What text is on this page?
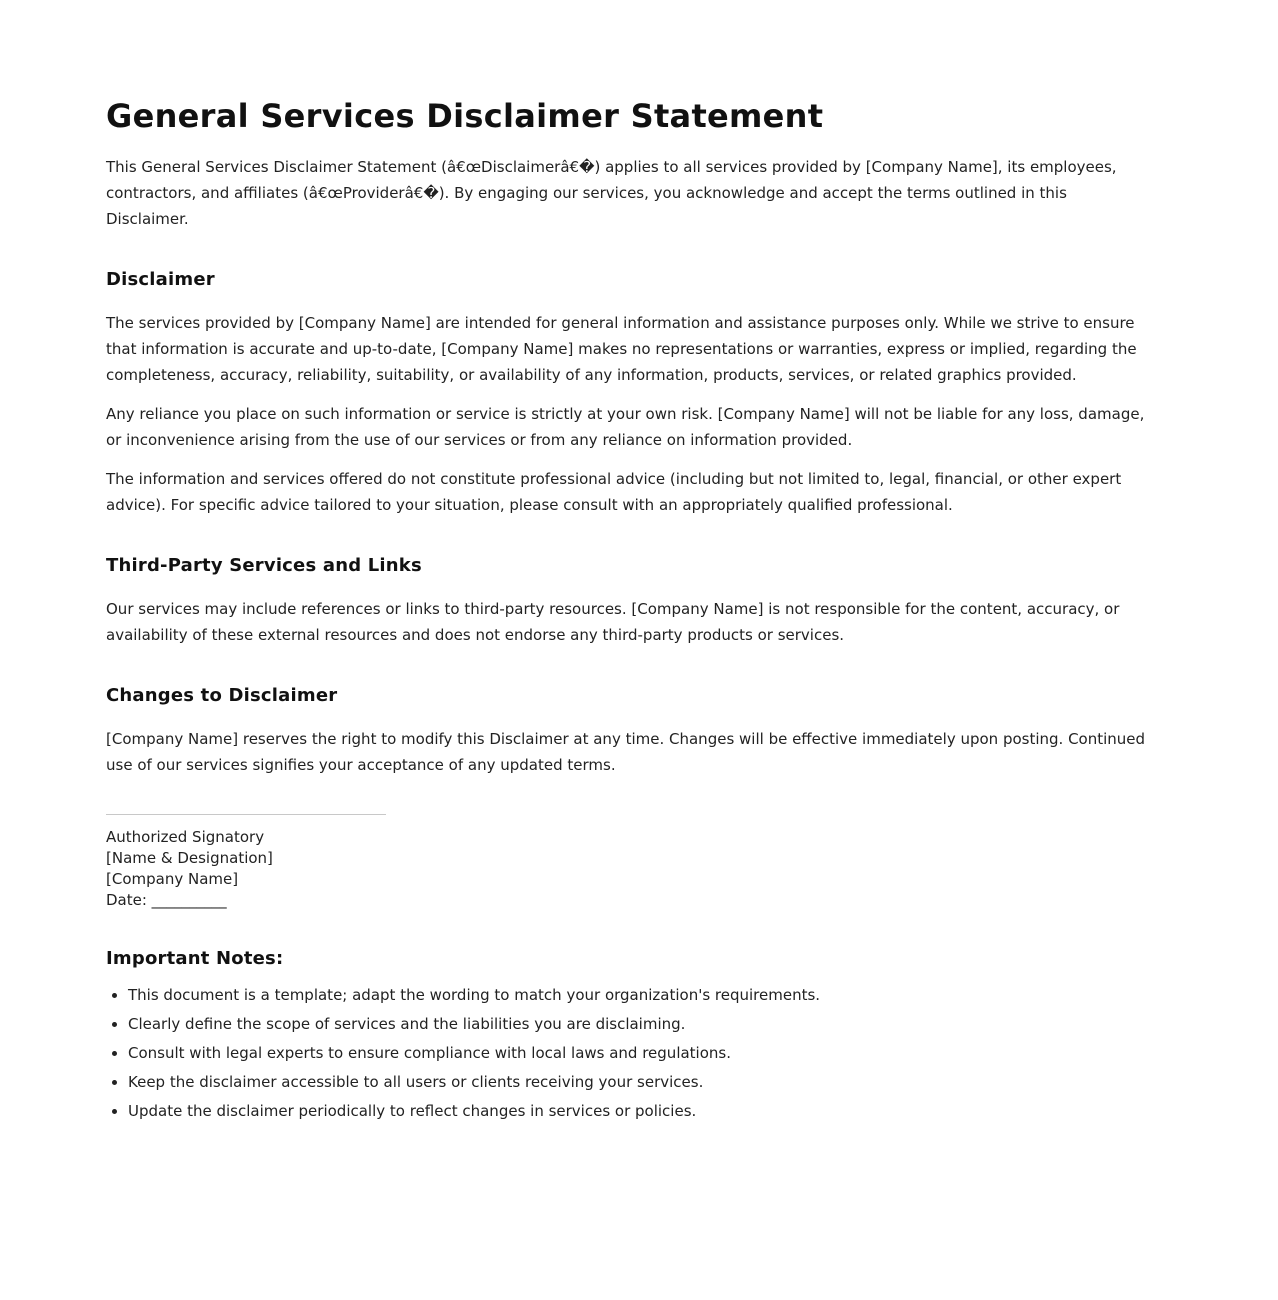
General Services Disclaimer Statement

This General Services Disclaimer Statement (â€œDisclaimerâ€�) applies to all services provided by [Company Name], its employees, contractors, and affiliates (â€œProviderâ€�). By engaging our services, you acknowledge and accept the terms outlined in this Disclaimer.

Disclaimer

The services provided by [Company Name] are intended for general information and assistance purposes only. While we strive to ensure that information is accurate and up-to-date, [Company Name] makes no representations or warranties, express or implied, regarding the completeness, accuracy, reliability, suitability, or availability of any information, products, services, or related graphics provided.

Any reliance you place on such information or service is strictly at your own risk. [Company Name] will not be liable for any loss, damage, or inconvenience arising from the use of our services or from any reliance on information provided.

The information and services offered do not constitute professional advice (including but not limited to, legal, financial, or other expert advice). For specific advice tailored to your situation, please consult with an appropriately qualified professional.

Third-Party Services and Links

Our services may include references or links to third-party resources. [Company Name] is not responsible for the content, accuracy, or availability of these external resources and does not endorse any third-party products or services.

Changes to Disclaimer

[Company Name] reserves the right to modify this Disclaimer at any time. Changes will be effective immediately upon posting. Continued use of our services signifies your acceptance of any updated terms.

Authorized Signatory
[Name & Designation]
[Company Name]
Date: __________
Important Notes:
• This document is a template; adapt the wording to match your organization's requirements.
• Clearly define the scope of services and the liabilities you are disclaiming.
• Consult with legal experts to ensure compliance with local laws and regulations.
• Keep the disclaimer accessible to all users or clients receiving your services.
• Update the disclaimer periodically to reflect changes in services or policies.
